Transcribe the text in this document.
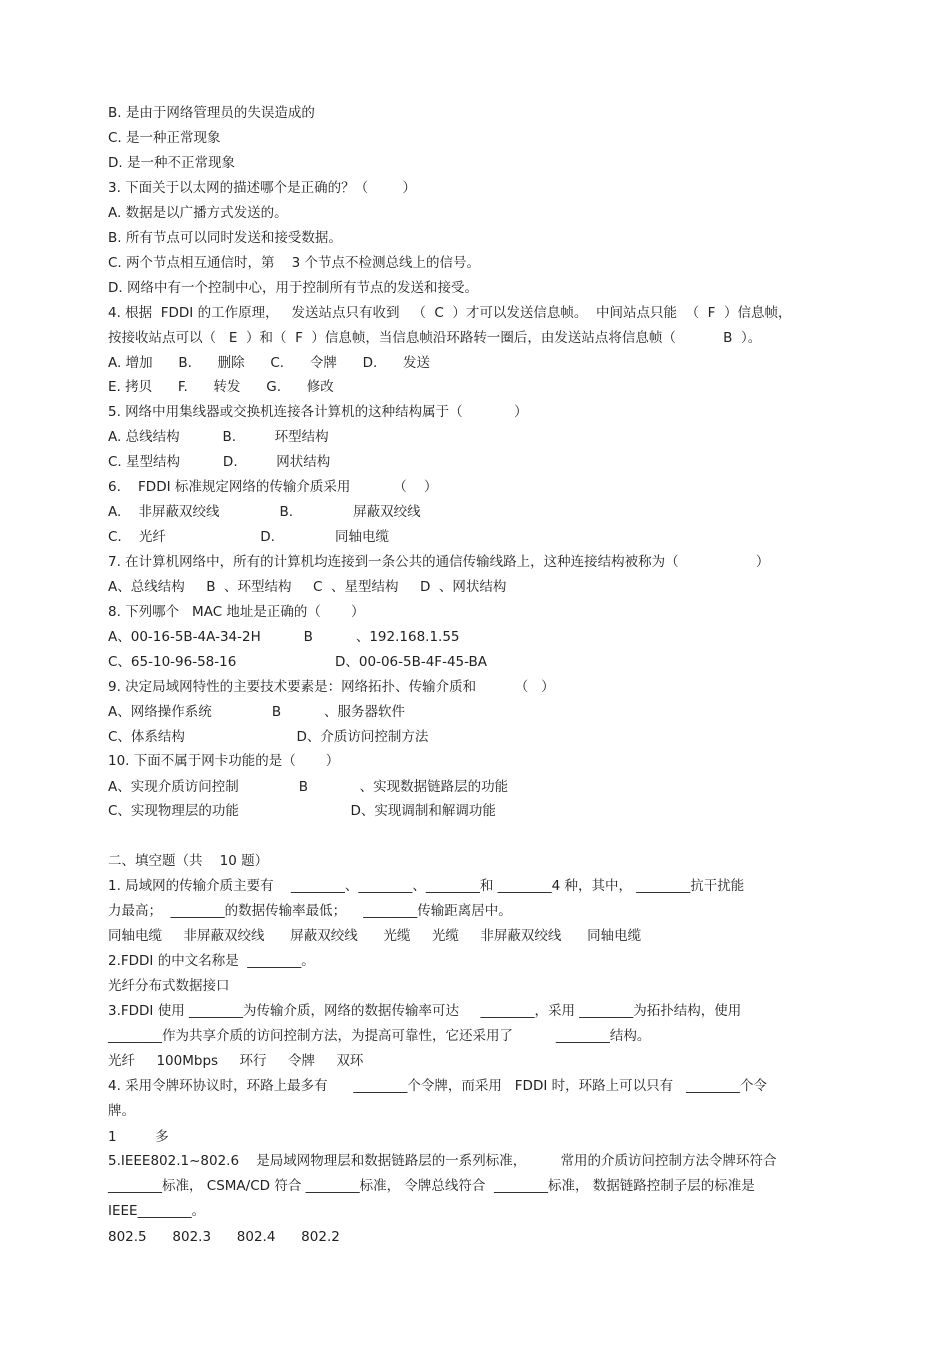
B. 是由于网络管理员的失误造成的
C. 是一种正常现象
D. 是一种不正常现象
3. 下面关于以太网的描述哪个是正确的？（        ）
A. 数据是以广播方式发送的。
B. 所有节点可以同时发送和接受数据。
C. 两个节点相互通信时，第    3 个节点不检测总线上的信号。
D. 网络中有一个控制中心，用于控制所有节点的发送和接受。
4. 根据  FDDI 的工作原理，   发送站点只有收到   （  C  ）才可以发送信息帧。  中间站点只能  （  F  ）信息帧，
按接收站点可以（   E  ）和（  F  ）信息帧，当信息帧沿环路转一圈后，由发送站点将信息帧（           B  ）。
A. 增加      B.      删除      C.      令牌      D.      发送
E. 拷贝      F.      转发      G.      修改
5. 网络中用集线器或交换机连接各计算机的这种结构属于（            ）
A. 总线结构          B.         环型结构
C. 星型结构          D.         网状结构
6.    FDDI 标准规定网络的传输介质采用          （    ）
A.    非屏蔽双绞线              B.              屏蔽双绞线
C.    光纤                      D.              同轴电缆
7. 在计算机网络中，所有的计算机均连接到一条公共的通信传输线路上，这种连接结构被称为（                  ）
A、总线结构     B  、环型结构     C  、星型结构     D  、网状结构
8. 下列哪个   MAC 地址是正确的（       ）
A、00-16-5B-4A-34-2H          B          、192.168.1.55
C、65-10-96-58-16                       D、00-06-5B-4F-45-BA
9. 决定局域网特性的主要技术要素是：网络拓扑、传输介质和         （   ）
A、网络操作系统              B          、服务器软件
C、体系结构                          D、介质访问控制方法
10. 下面不属于网卡功能的是（       ）
A、实现介质访问控制              B            、实现数据链路层的功能
C、实现物理层的功能                          D、实现调制和解调功能
二、填空题（共    10 题）
1. 局域网的传输介质主要有    ________、________、________和 ________4 种，其中， ________抗干扰能
力最高；  ________的数据传输率最低；    ________传输距离居中。
同轴电缆     非屏蔽双绞线      屏蔽双绞线      光缆     光缆     非屏蔽双绞线      同轴电缆
2.FDDI 的中文名称是  ________。
光纤分布式数据接口
3.FDDI 使用 ________为传输介质，网络的数据传输率可达     ________，采用 ________为拓扑结构，使用
________作为共享介质的访问控制方法，为提高可靠性，它还采用了          ________结构。
光纤     100Mbps     环行     令牌     双环
4. 采用令牌环协议时，环路上最多有      ________个令牌，而采用   FDDI 时，环路上可以只有   ________个令
牌。
1         多
5.IEEE802.1~802.6    是局域网物理层和数据链路层的一系列标准，        常用的介质访问控制方法令牌环符合
________标准， CSMA/CD 符合 ________标准， 令牌总线符合  ________标准， 数据链路控制子层的标准是
IEEE________。
802.5      802.3      802.4      802.2
